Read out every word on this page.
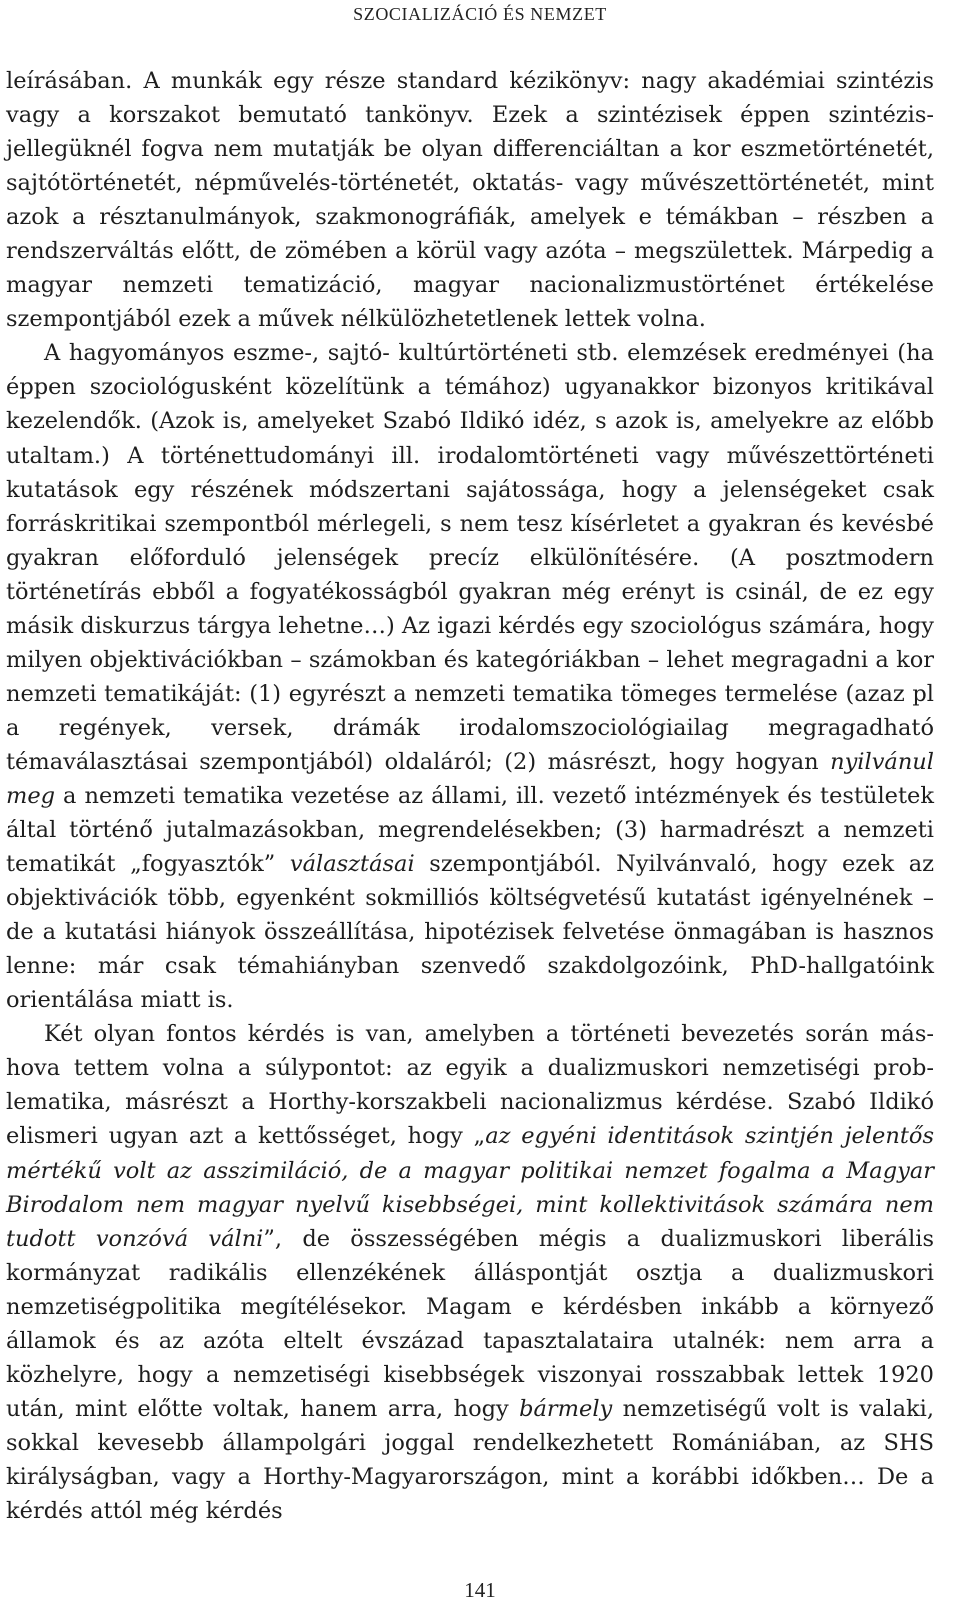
SZOCIALIZÁCIÓ ÉS NEMZET

leírásában. A munkák egy része standard kézikönyv: nagy akadémiai szintézis vagy a korszakot bemutató tankönyv. Ezek a szintézisek éppen szintézisjellegüknél fogva nem mutatják be olyan differenciáltan a kor eszmetörténetét, sajtótörténetét, népművelés-történetét, oktatás- vagy művészettörténetét, mint azok a résztanulmányok, szakmonográfiák, amelyek e témákban – részben a rendszerváltás előtt, de zömében a körül vagy azóta – megszülettek. Márpedig a magyar nemzeti tematizáció, magyar nacionalizmustörténet értékelése szempontjából ezek a művek nélkülözhetetlenek lettek volna.

A hagyományos eszme-, sajtó- kultúrtörténeti stb. elemzések eredményei (ha éppen szociológusként közelítünk a témához) ugyanakkor bizonyos kritikával kezelendők. (Azok is, amelyeket Szabó Ildikó idéz, s azok is, amelyekre az előbb utaltam.) A történettudományi ill. irodalomtörténeti vagy művészettörténeti kutatások egy részének módszertani sajátossága, hogy a jelenségeket csak forráskritikai szempontból mérlegeli, s nem tesz kísérletet a gyakran és kevésbé gyakran előforduló jelenségek precíz elkülönítésére. (A posztmodern történetírás ebből a fogyatékosságból gyakran még erényt is csinál, de ez egy másik diskurzus tárgya lehetne…) Az igazi kérdés egy szociológus számára, hogy milyen objektivációkban – számokban és kategóriákban – lehet megragadni a kor nemzeti tematikáját: (1) egyrészt a nemzeti tematika tömeges termelése (azaz pl a regények, versek, drámák irodalomszociológiailag megragadható témaválasztásai szempontjából) oldaláról; (2) másrészt, hogy hogyan nyilvánul meg a nemzeti tematika vezetése az állami, ill. vezető intézmények és testületek által történő jutalmazásokban, megrendelésekben; (3) harmadrészt a nemzeti tematikát „fogyasztók” választásai szempontjából. Nyilvánvaló, hogy ezek az objektivációk több, egyenként sokmilliós költségvetésű kutatást igényelnének – de a kutatási hiányok összeállítása, hipotézisek felvetése önmagában is hasznos lenne: már csak témahiányban szenvedő szakdolgozóink, PhD-hallgatóink orientálása miatt is.

Két olyan fontos kérdés is van, amelyben a történeti bevezetés során máshova tettem volna a súlypontot: az egyik a dualizmuskori nemzetiségi problematika, másrészt a Horthy-korszakbeli nacionalizmus kérdése. Szabó Ildikó elismeri ugyan azt a kettősséget, hogy „az egyéni identitások szintjén jelentős mértékű volt az asszimiláció, de a magyar politikai nemzet fogalma a Magyar Birodalom nem magyar nyelvű kisebbségei, mint kollektivitások számára nem tudott vonzóvá válni”, de összességében mégis a dualizmuskori liberális kormányzat radikális ellenzékének álláspontját osztja a dualizmuskori nemzetiségpolitika megítélésekor. Magam e kérdésben inkább a környező államok és az azóta eltelt évszázad tapasztalataira utalnék: nem arra a közhelyre, hogy a nemzetiségi kisebbségek viszonyai rosszabbak lettek 1920 után, mint előtte voltak, hanem arra, hogy bármely nemzetiségű volt is valaki, sokkal kevesebb állampolgári joggal rendelkezhetett Romániában, az SHS királyságban, vagy a Horthy-Magyarországon, mint a korábbi időkben… De a kérdés attól még kérdés

141
